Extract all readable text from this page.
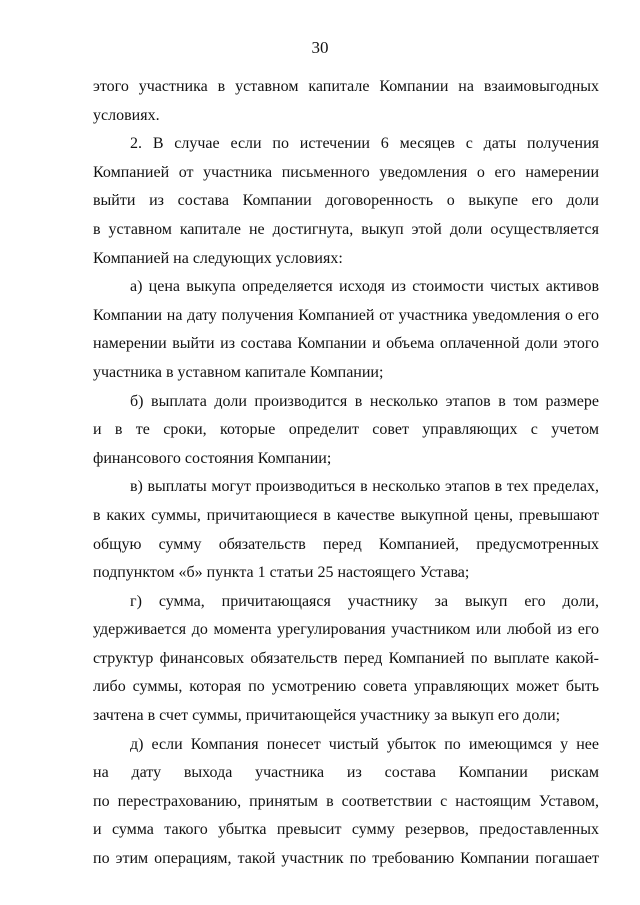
30
этого участника в уставном капитале Компании на взаимовыгодных
условиях.
2. В случае если по истечении 6 месяцев с даты получения
Компанией от участника письменного уведомления о его намерении
выйти из состава Компании договоренность о выкупе его доли
в уставном капитале не достигнута, выкуп этой доли осуществляется
Компанией на следующих условиях:
а) цена выкупа определяется исходя из стоимости чистых активов
Компании на дату получения Компанией от участника уведомления о его
намерении выйти из состава Компании и объема оплаченной доли этого
участника в уставном капитале Компании;
б) выплата доли производится в несколько этапов в том размере
и в те сроки, которые определит совет управляющих с учетом
финансового состояния Компании;
в) выплаты могут производиться в несколько этапов в тех пределах,
в каких суммы, причитающиеся в качестве выкупной цены, превышают
общую сумму обязательств перед Компанией, предусмотренных
подпунктом «б» пункта 1 статьи 25 настоящего Устава;
г) сумма, причитающаяся участнику за выкуп его доли,
удерживается до момента урегулирования участником или любой из его
структур финансовых обязательств перед Компанией по выплате какой-
либо суммы, которая по усмотрению совета управляющих может быть
зачтена в счет суммы, причитающейся участнику за выкуп его доли;
д) если Компания понесет чистый убыток по имеющимся у нее
на дату выхода участника из состава Компании рискам
по перестрахованию, принятым в соответствии с настоящим Уставом,
и сумма такого убытка превысит сумму резервов, предоставленных
по этим операциям, такой участник по требованию Компании погашает
